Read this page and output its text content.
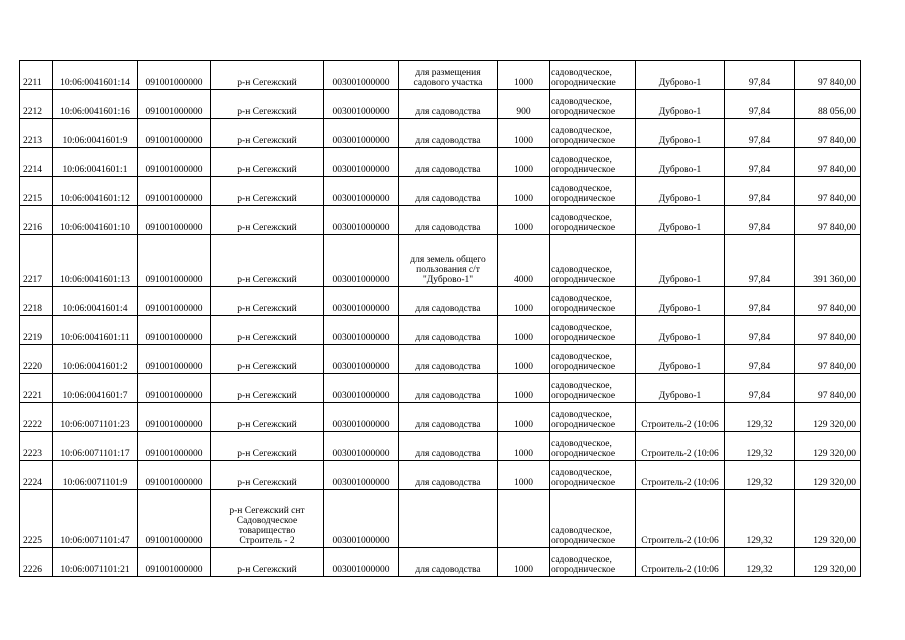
2211	10:06:0041601:14	091001000000	р-н Сегежский	003001000000	для размещения
садового участка	1000	садоводческое,
огороднические	Дуброво-1	97,84	97 840,00
2212	10:06:0041601:16	091001000000	р-н Сегежский	003001000000	для садоводства	900	садоводческое,
огородническое	Дуброво-1	97,84	88 056,00
2213	10:06:0041601:9	091001000000	р-н Сегежский	003001000000	для садоводства	1000	садоводческое,
огородническое	Дуброво-1	97,84	97 840,00
2214	10:06:0041601:1	091001000000	р-н Сегежский	003001000000	для садоводства	1000	садоводческое,
огородническое	Дуброво-1	97,84	97 840,00
2215	10:06:0041601:12	091001000000	р-н Сегежский	003001000000	для садоводства	1000	садоводческое,
огородническое	Дуброво-1	97,84	97 840,00
2216	10:06:0041601:10	091001000000	р-н Сегежский	003001000000	для садоводства	1000	садоводческое,
огородническое	Дуброво-1	97,84	97 840,00
2217	10:06:0041601:13	091001000000	р-н Сегежский	003001000000	для земель общего
пользования с/т
"Дуброво-1"	4000	садоводческое,
огородническое	Дуброво-1	97,84	391 360,00
2218	10:06:0041601:4	091001000000	р-н Сегежский	003001000000	для садоводства	1000	садоводческое,
огородническое	Дуброво-1	97,84	97 840,00
2219	10:06:0041601:11	091001000000	р-н Сегежский	003001000000	для садоводства	1000	садоводческое,
огородническое	Дуброво-1	97,84	97 840,00
2220	10:06:0041601:2	091001000000	р-н Сегежский	003001000000	для садоводства	1000	садоводческое,
огородническое	Дуброво-1	97,84	97 840,00
2221	10:06:0041601:7	091001000000	р-н Сегежский	003001000000	для садоводства	1000	садоводческое,
огородническое	Дуброво-1	97,84	97 840,00
2222	10:06:0071101:23	091001000000	р-н Сегежский	003001000000	для садоводства	1000	садоводческое,
огородническое	Строитель-2 (10:06	129,32	129 320,00
2223	10:06:0071101:17	091001000000	р-н Сегежский	003001000000	для садоводства	1000	садоводческое,
огородническое	Строитель-2 (10:06	129,32	129 320,00
2224	10:06:0071101:9	091001000000	р-н Сегежский	003001000000	для садоводства	1000	садоводческое,
огородническое	Строитель-2 (10:06	129,32	129 320,00
2225	10:06:0071101:47	091001000000	р-н Сегежский снт
Садоводческое
товарищество
Строитель - 2	003001000000			садоводческое,
огородническое	Строитель-2 (10:06	129,32	129 320,00
2226	10:06:0071101:21	091001000000	р-н Сегежский	003001000000	для садоводства	1000	садоводческое,
огородническое	Строитель-2 (10:06	129,32	129 320,00
